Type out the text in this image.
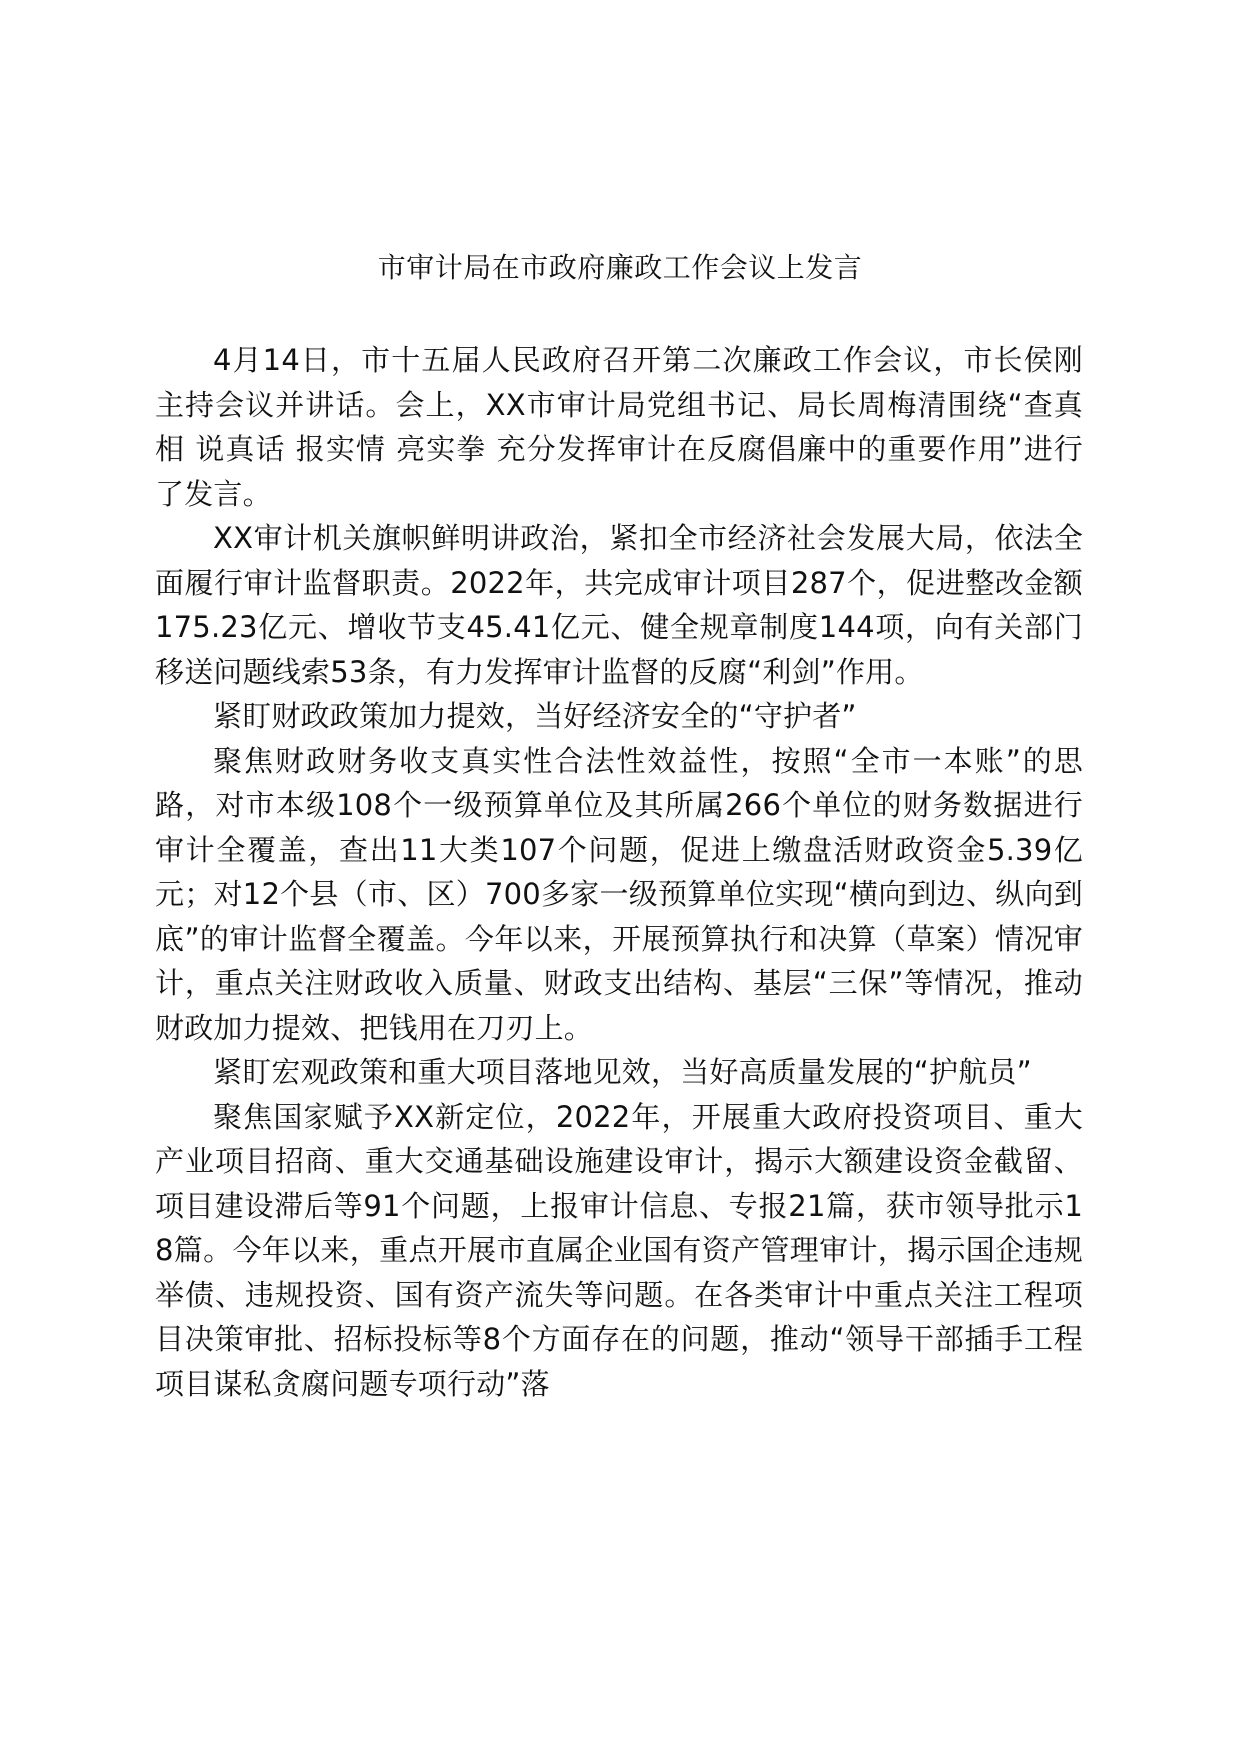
市审计局在市政府廉政工作会议上发言

4月14日，市十五届人民政府召开第二次廉政工作会议，市长侯刚主持会议并讲话。会上，XX市审计局党组书记、局长周梅清围绕“查真相 说真话 报实情 亮实拳 充分发挥审计在反腐倡廉中的重要作用”进行了发言。

XX审计机关旗帜鲜明讲政治，紧扣全市经济社会发展大局，依法全面履行审计监督职责。2022年，共完成审计项目287个，促进整改金额175.23亿元、增收节支45.41亿元、健全规章制度144项，向有关部门移送问题线索53条，有力发挥审计监督的反腐“利剑”作用。

紧盯财政政策加力提效，当好经济安全的“守护者”

聚焦财政财务收支真实性合法性效益性，按照“全市一本账”的思路，对市本级108个一级预算单位及其所属266个单位的财务数据进行审计全覆盖，查出11大类107个问题，促进上缴盘活财政资金5.39亿元；对12个县（市、区）700多家一级预算单位实现“横向到边、纵向到底”的审计监督全覆盖。今年以来，开展预算执行和决算（草案）情况审计，重点关注财政收入质量、财政支出结构、基层“三保”等情况，推动财政加力提效、把钱用在刀刃上。

紧盯宏观政策和重大项目落地见效，当好高质量发展的“护航员”

聚焦国家赋予XX新定位，2022年，开展重大政府投资项目、重大产业项目招商、重大交通基础设施建设审计，揭示大额建设资金截留、项目建设滞后等91个问题，上报审计信息、专报21篇，获市领导批示18篇。今年以来，重点开展市直属企业国有资产管理审计，揭示国企违规举债、违规投资、国有资产流失等问题。在各类审计中重点关注工程项目决策审批、招标投标等8个方面存在的问题，推动“领导干部插手工程项目谋私贪腐问题专项行动”落
